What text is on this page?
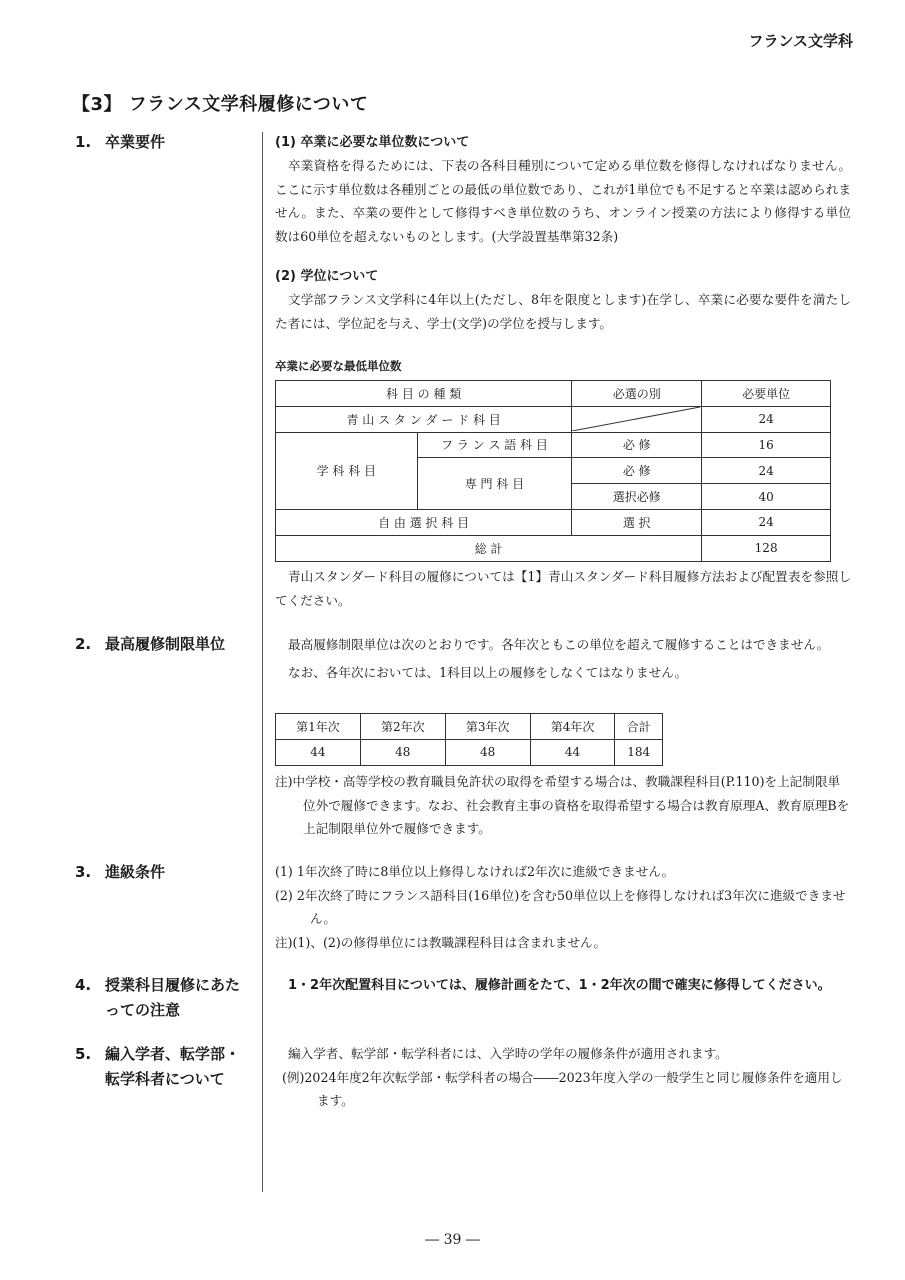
フランス文学科
【3】 フランス文学科履修について
1. 卒業要件
2. 最高履修制限単位
3. 進級条件
4. 授業科目履修にあた
っての注意
5. 編入学者、転学部・
転学科者について
(1) 卒業に必要な単位数について
卒業資格を得るためには、下表の各科目種別について定める単位数を修得しなければなりません。ここに示す単位数は各種別ごとの最低の単位数であり、これが1単位でも不足すると卒業は認められません。また、卒業の要件として修得すべき単位数のうち、オンライン授業の方法により修得する単位数は60単位を超えないものとします。(大学設置基準第32条)
(2) 学位について
文学部フランス文学科に4年以上(ただし、8年を限度とします)在学し、卒業に必要な要件を満たした者には、学位記を与え、学士(文学)の学位を授与します。
卒業に必要な最低単位数
科 目 の 種 類		必選の別	必要単位
青 山 ス タ ン ダ ー ド 科 目			24
学 科 科 目	フ ラ ン ス 語 科 目	必 修	16
	専 門 科 目	必 修	24
		選択必修	40
自 由 選 択 科 目		選 択	24
総 計			128
青山スタンダード科目の履修については【1】青山スタンダード科目履修方法および配置表を参照してください。
最高履修制限単位は次のとおりです。各年次ともこの単位を超えて履修することはできません。
なお、各年次においては、1科目以上の履修をしなくてはなりません。
第1年次	第2年次	第3年次	第4年次	合計
44	48	48	44	184
注)中学校・高等学校の教育職員免許状の取得を希望する場合は、教職課程科目(P.110)を上記制限単位外で履修できます。なお、社会教育主事の資格を取得希望する場合は教育原理A、教育原理Bを上記制限単位外で履修できます。
(1) 1年次終了時に8単位以上修得しなければ2年次に進級できません。
(2) 2年次終了時にフランス語科目(16単位)を含む50単位以上を修得しなければ3年次に進級できません。
注)(1)、(2)の修得単位には教職課程科目は含まれません。
1・2年次配置科目については、履修計画をたて、1・2年次の間で確実に修得してください。
編入学者、転学部・転学科者には、入学時の学年の履修条件が適用されます。
(例)2024年度2年次転学部・転学科者の場合――2023年度入学の一般学生と同じ履修条件を適用します。
― 39 ―
